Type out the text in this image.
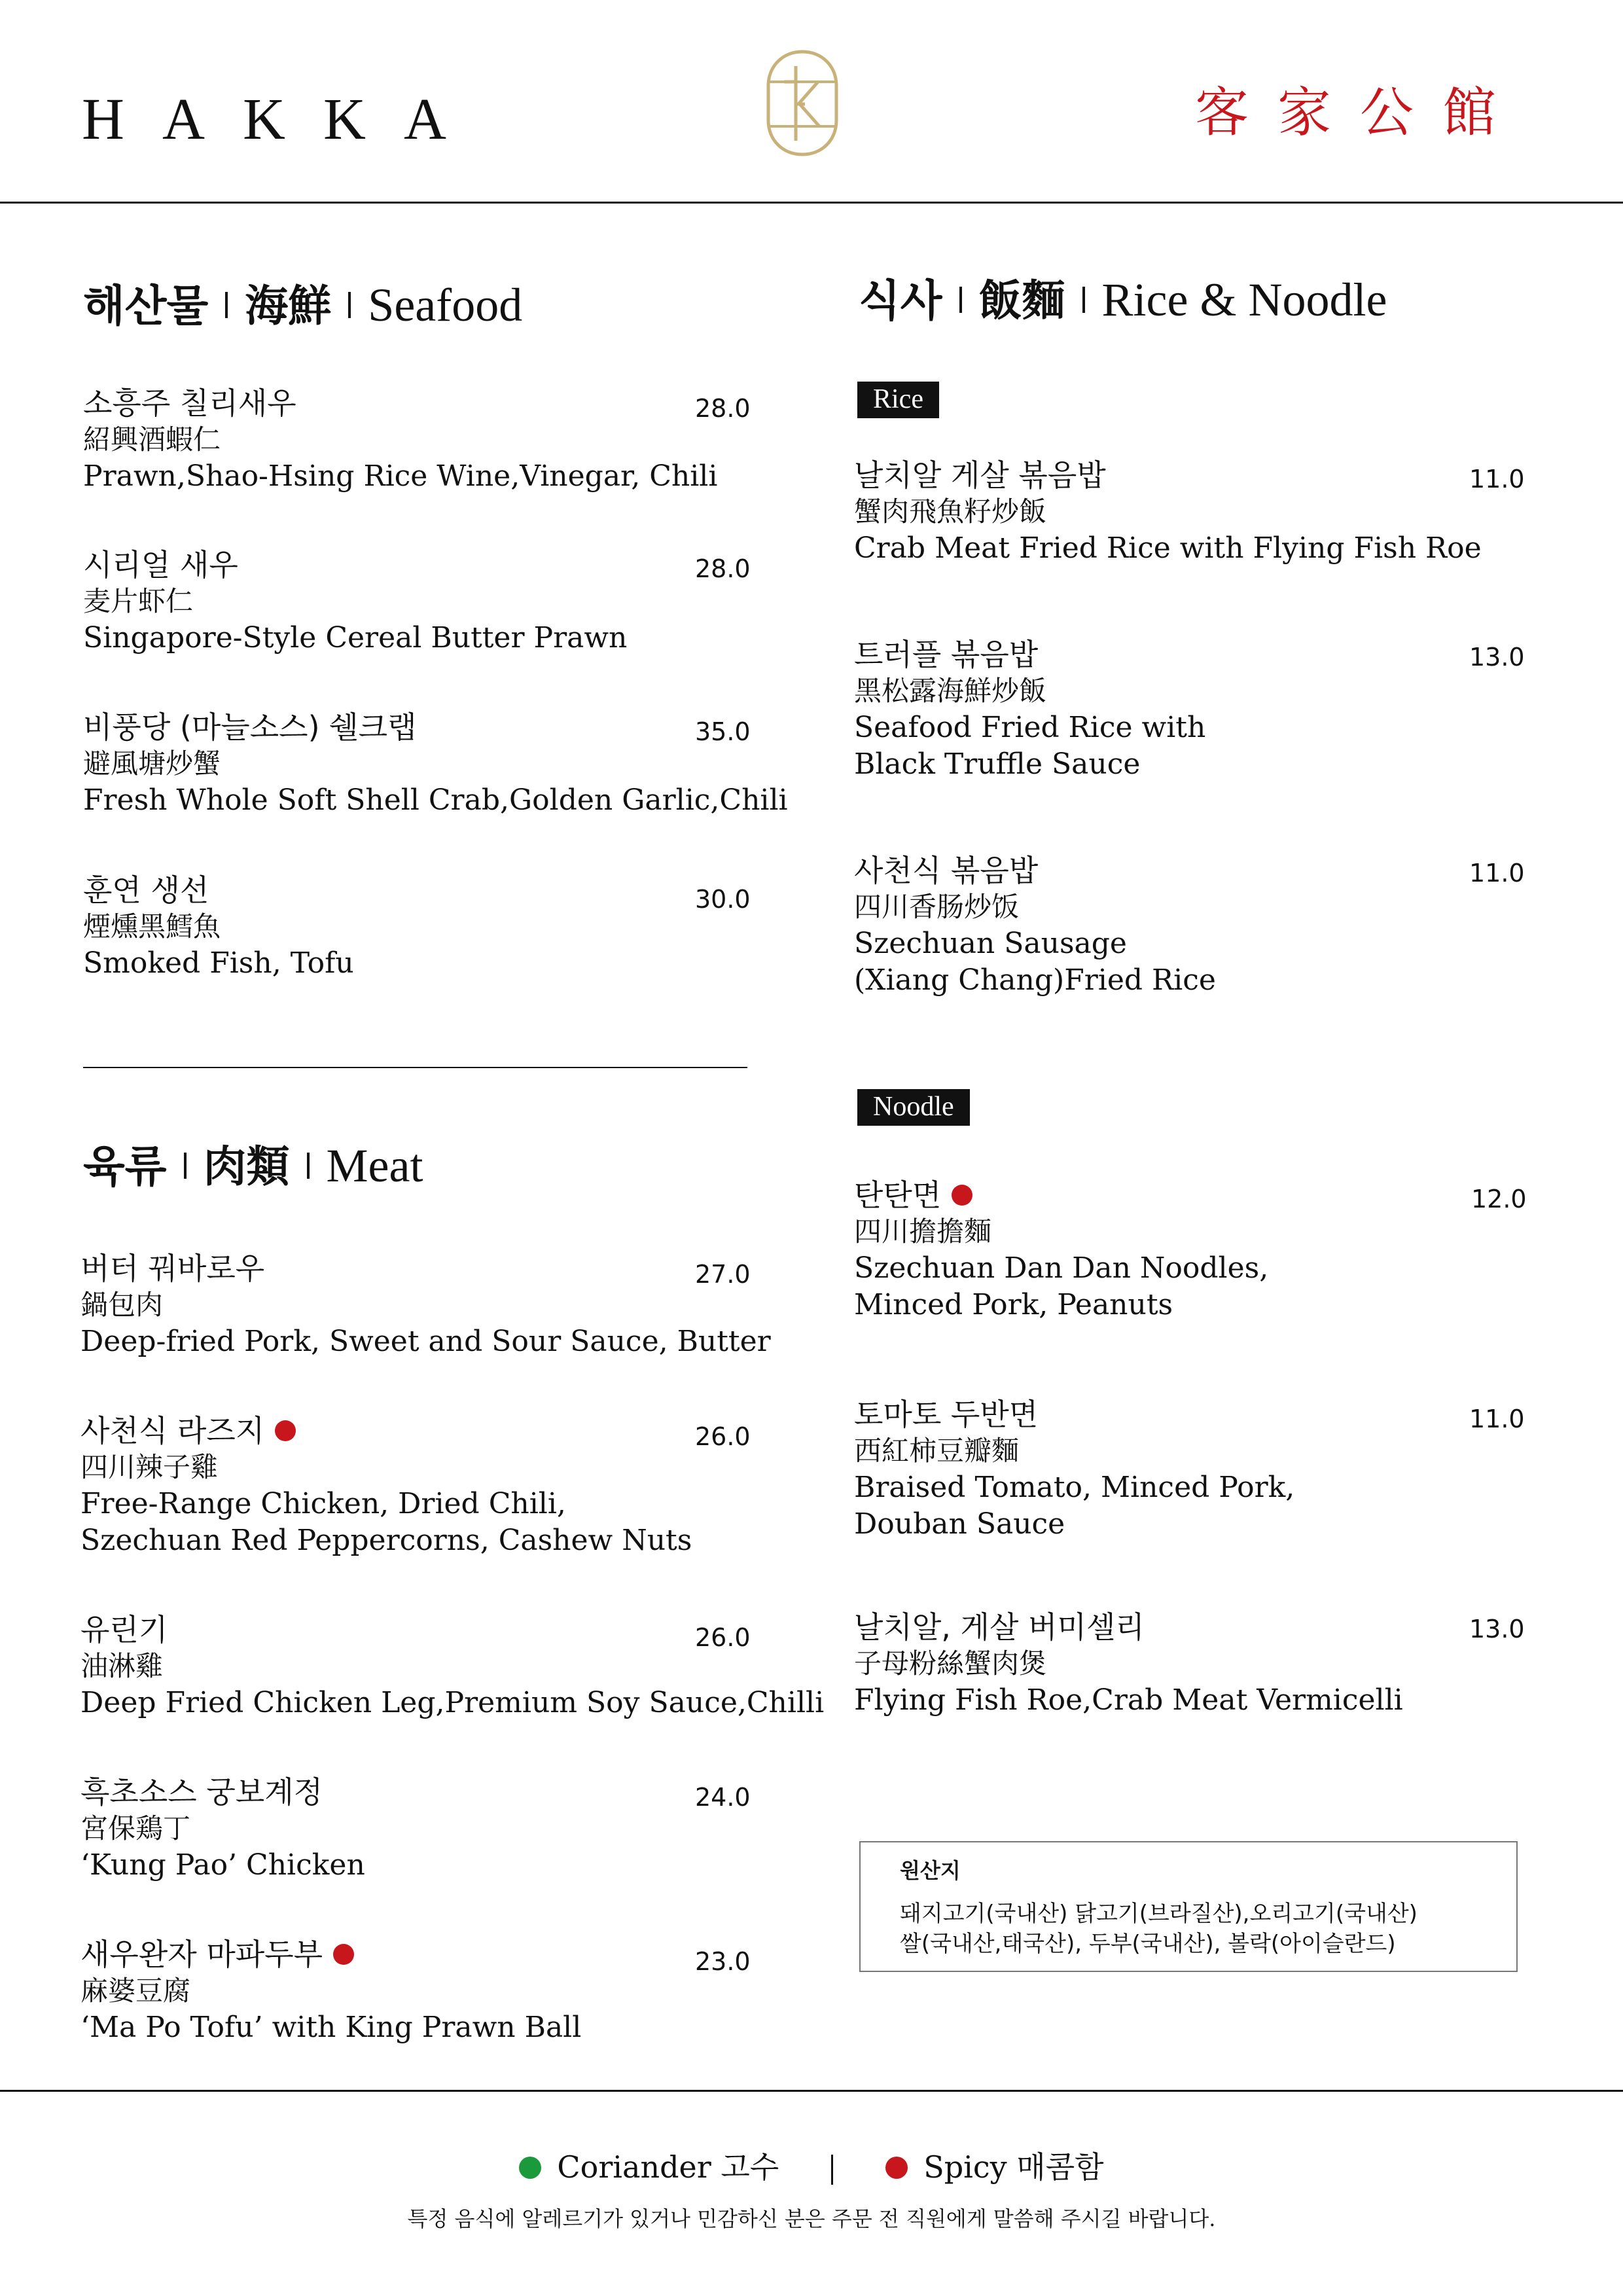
HAKKA	客家公館
해산물 海鮮 Seafood
소흥주 칠리새우
紹興酒蝦仁
Prawn,Shao-Hsing Rice Wine,Vinegar, Chili
28.0
시리얼 새우
麦片虾仁
Singapore-Style Cereal Butter Prawn
28.0
비풍당 (마늘소스) 쉘크랩
避風塘炒蟹
Fresh Whole Soft Shell Crab,Golden Garlic,Chili
35.0
훈연 생선
煙燻黑鱈魚
Smoked Fish, Tofu
30.0
육류 肉類 Meat
버터 꿔바로우
鍋包肉
Deep-fried Pork, Sweet and Sour Sauce, Butter
27.0
사천식 라즈지
四川辣子雞
Free-Range Chicken, Dried Chili,
Szechuan Red Peppercorns, Cashew Nuts
26.0
유린기
油淋雞
Deep Fried Chicken Leg,Premium Soy Sauce,Chilli
26.0
흑초소스 궁보계정
宮保鶏丁
‘Kung Pao’ Chicken
24.0
새우완자 마파두부
麻婆豆腐
‘Ma Po Tofu’ with King Prawn Ball
23.0
식사 飯麵 Rice & Noodle
Rice
날치알 게살 볶음밥
蟹肉飛魚籽炒飯
Crab Meat Fried Rice with Flying Fish Roe
11.0
트러플 볶음밥
黑松露海鮮炒飯
Seafood Fried Rice with
Black Truffle Sauce
13.0
사천식 볶음밥
四川香肠炒饭
Szechuan Sausage
(Xiang Chang)Fried Rice
11.0
Noodle
탄탄면
四川擔擔麵
Szechuan Dan Dan Noodles,
Minced Pork, Peanuts
12.0
토마토 두반면
西紅柿豆瓣麵
Braised Tomato, Minced Pork,
Douban Sauce
11.0
날치알, 게살 버미셀리
子母粉絲蟹肉煲
Flying Fish Roe,Crab Meat Vermicelli
13.0
원산지
돼지고기(국내산) 닭고기(브라질산),오리고기(국내산)
쌀(국내산,태국산), 두부(국내산), 볼락(아이슬란드)
Coriander 고수	Spicy 매콤함
특정 음식에 알레르기가 있거나 민감하신 분은 주문 전 직원에게 말씀해 주시길 바랍니다.
